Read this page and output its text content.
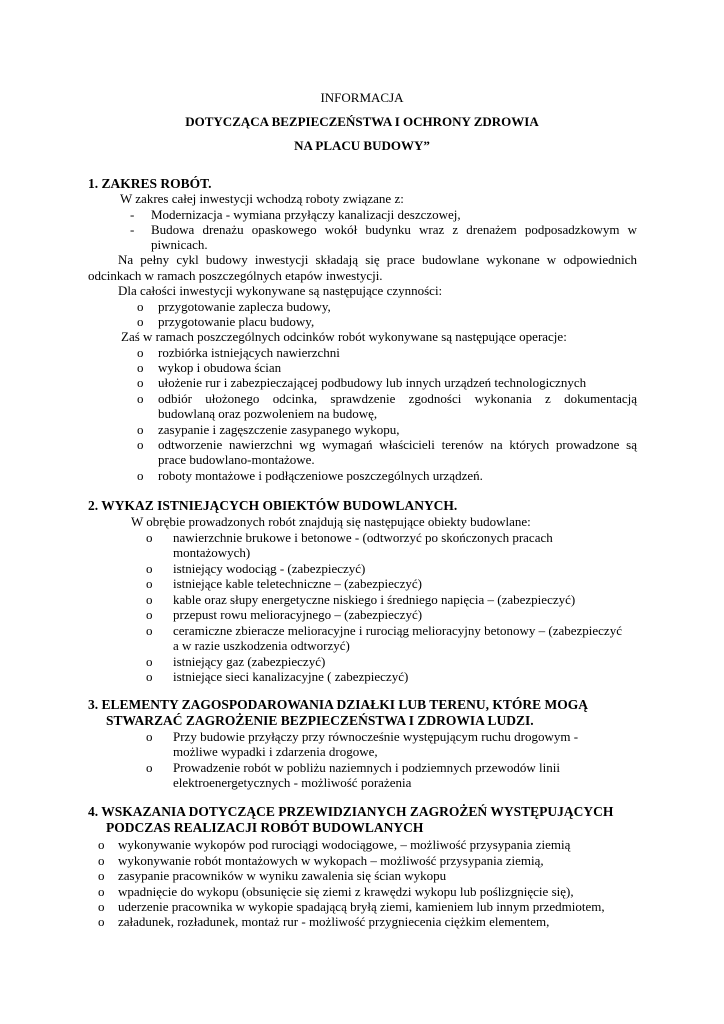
INFORMACJA
DOTYCZĄCA BEZPIECZEŃSTWA I OCHRONY ZDROWIA
NA PLACU BUDOWY”
1. ZAKRES ROBÓT.
W zakres całej inwestycji wchodzą roboty związane z:
- Modernizacja - wymiana przyłączy kanalizacji deszczowej,
- Budowa drenażu opaskowego wokół budynku wraz z drenażem podposadzkowym w
piwnicach.
Na pełny cykl budowy inwestycji składają się prace budowlane wykonane w odpowiednich
odcinkach w ramach poszczególnych etapów inwestycji.
Dla całości inwestycji wykonywane są następujące czynności:
o przygotowanie zaplecza budowy,
o przygotowanie placu budowy,
Zaś w ramach poszczególnych odcinków robót wykonywane są następujące operacje:
o rozbiórka istniejących nawierzchni
o wykop i obudowa ścian
o ułożenie rur i zabezpieczającej podbudowy lub innych urządzeń technologicznych
o odbiór ułożonego odcinka, sprawdzenie zgodności wykonania z dokumentacją
budowlaną oraz pozwoleniem na budowę,
o zasypanie i zagęszczenie zasypanego wykopu,
o odtworzenie nawierzchni wg wymagań właścicieli terenów na których prowadzone są
prace budowlano-montażowe.
o roboty montażowe i podłączeniowe poszczególnych urządzeń.
2. WYKAZ ISTNIEJĄCYCH OBIEKTÓW BUDOWLANYCH.
W obrębie prowadzonych robót znajdują się następujące obiekty budowlane:
o nawierzchnie brukowe i betonowe - (odtworzyć po skończonych pracach
montażowych)
o istniejący wodociąg - (zabezpieczyć)
o istniejące kable teletechniczne – (zabezpieczyć)
o kable oraz słupy energetyczne niskiego i średniego napięcia – (zabezpieczyć)
o przepust rowu melioracyjnego – (zabezpieczyć)
o ceramiczne zbieracze melioracyjne i rurociąg melioracyjny betonowy – (zabezpieczyć
a w razie uszkodzenia odtworzyć)
o istniejący gaz (zabezpieczyć)
o istniejące sieci kanalizacyjne ( zabezpieczyć)
3. ELEMENTY ZAGOSPODAROWANIA DZIAŁKI LUB TERENU, KTÓRE MOGĄ
STWARZAĆ ZAGROŻENIE BEZPIECZEŃSTWA I ZDROWIA LUDZI.
o Przy budowie przyłączy przy równocześnie występującym ruchu drogowym -
możliwe wypadki i zdarzenia drogowe,
o Prowadzenie robót w pobliżu naziemnych i podziemnych przewodów linii
elektroenergetycznych - możliwość porażenia
4. WSKAZANIA DOTYCZĄCE PRZEWIDZIANYCH ZAGROŻEŃ WYSTĘPUJĄCYCH
PODCZAS REALIZACJI ROBÓT BUDOWLANYCH
o wykonywanie wykopów pod rurociągi wodociągowe, – możliwość przysypania ziemią
o wykonywanie robót montażowych w wykopach – możliwość przysypania ziemią,
o zasypanie pracowników w wyniku zawalenia się ścian wykopu
o wpadnięcie do wykopu (obsunięcie się ziemi z krawędzi wykopu lub poślizgnięcie się),
o uderzenie pracownika w wykopie spadającą bryłą ziemi, kamieniem lub innym przedmiotem,
o załadunek, rozładunek, montaż rur - możliwość przygniecenia ciężkim elementem,
